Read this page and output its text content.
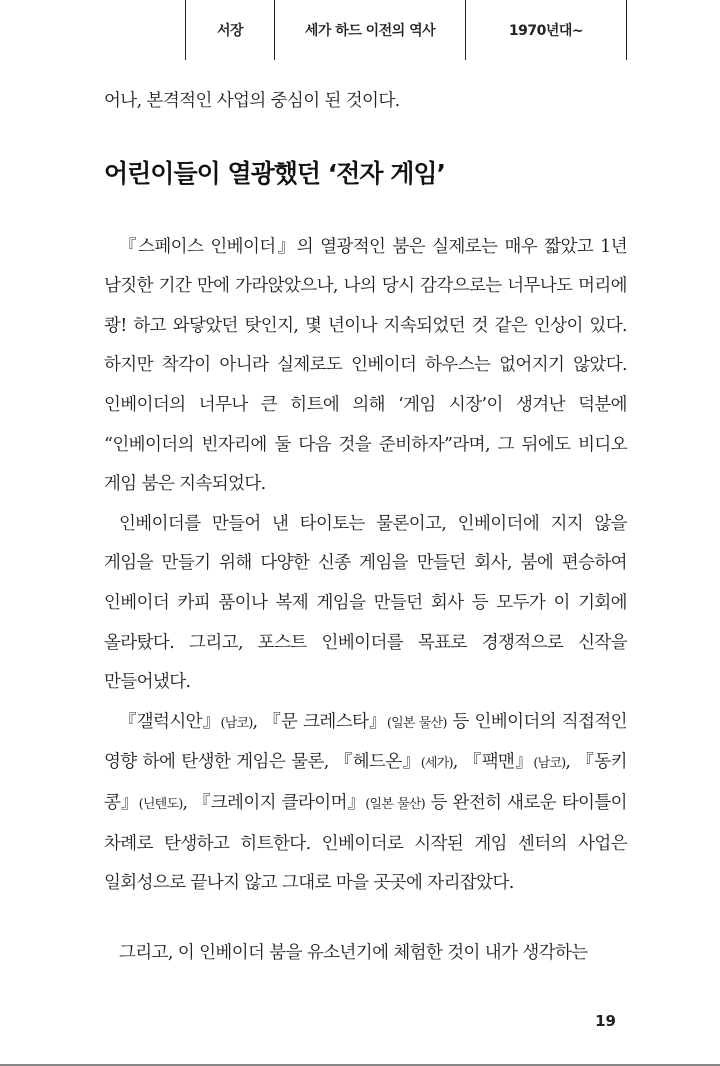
서장	세가 하드 이전의 역사	1970년대~

어나, 본격적인 사업의 중심이 된 것이다.

어린이들이 열광했던 ‘전자 게임’

『스페이스 인베이더』의 열광적인 붐은 실제로는 매우 짧았고 1년 남짓한 기간 만에 가라앉았으나, 나의 당시 감각으로는 너무나도 머리에 쾅! 하고 와닿았던 탓인지, 몇 년이나 지속되었던 것 같은 인상이 있다. 하지만 착각이 아니라 실제로도 인베이더 하우스는 없어지기 않았다. 인베이더의 너무나 큰 히트에 의해 ‘게임 시장’이 생겨난 덕분에 “인베이더의 빈자리에 둘 다음 것을 준비하자”라며, 그 뒤에도 비디오 게임 붐은 지속되었다.

인베이더를 만들어 낸 타이토는 물론이고, 인베이더에 지지 않을 게임을 만들기 위해 다양한 신종 게임을 만들던 회사, 붐에 편승하여 인베이더 카피 품이나 복제 게임을 만들던 회사 등 모두가 이 기회에 올라탔다. 그리고, 포스트 인베이더를 목표로 경쟁적으로 신작을 만들어냈다.

『갤럭시안』(남코), 『문 크레스타』(일본 물산) 등 인베이더의 직접적인 영향 하에 탄생한 게임은 물론, 『헤드온』(세가), 『팩맨』(남코), 『동키 콩』(닌텐도), 『크레이지 클라이머』(일본 물산) 등 완전히 새로운 타이틀이 차례로 탄생하고 히트한다. 인베이더로 시작된 게임 센터의 사업은 일회성으로 끝나지 않고 그대로 마을 곳곳에 자리잡았다.

그리고, 이 인베이더 붐을 유소년기에 체험한 것이 내가 생각하는

19
